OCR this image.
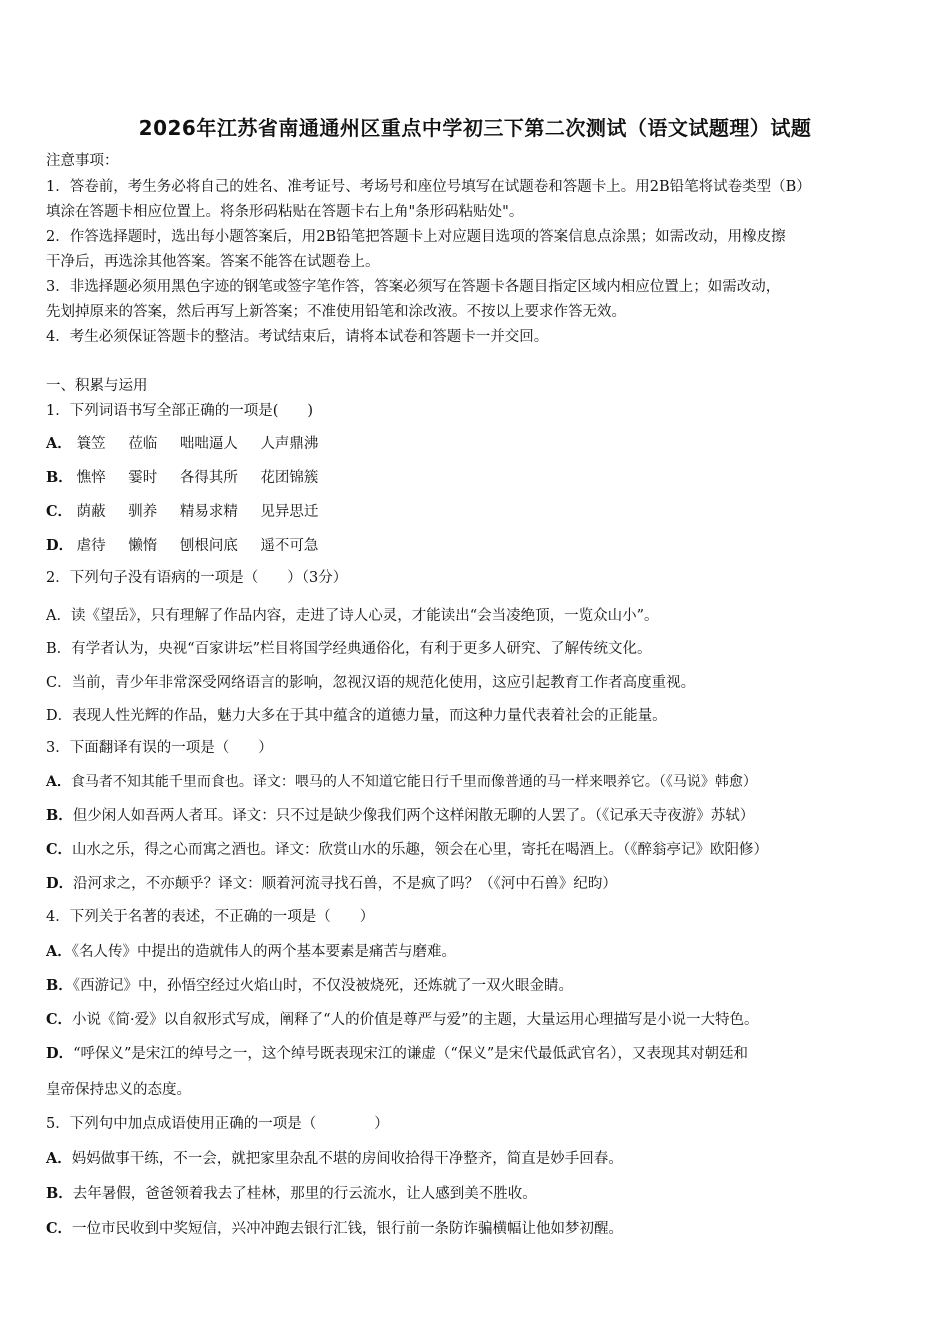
2026年江苏省南通通州区重点中学初三下第二次测试（语文试题理）试题
注意事项：
1．答卷前，考生务必将自己的姓名、准考证号、考场号和座位号填写在试题卷和答题卡上。用2B铅笔将试卷类型（B）
填涂在答题卡相应位置上。将条形码粘贴在答题卡右上角"条形码粘贴处"。
2．作答选择题时，选出每小题答案后，用2B铅笔把答题卡上对应题目选项的答案信息点涂黑；如需改动，用橡皮擦
干净后，再选涂其他答案。答案不能答在试题卷上。
3．非选择题必须用黑色字迹的钢笔或签字笔作答，答案必须写在答题卡各题目指定区域内相应位置上；如需改动，
先划掉原来的答案，然后再写上新答案；不准使用铅笔和涂改液。不按以上要求作答无效。
4．考生必须保证答题卡的整洁。考试结束后，请将本试卷和答题卡一并交回。
一、积累与运用
1．下列词语书写全部正确的一项是(　　)
A． 簑笠 莅临 咄咄逼人 人声鼎沸
B． 憔悴 霎时 各得其所 花团锦簇
C． 荫蔽 驯养 精易求精 见异思迁
D． 虐待 懒惰 刨根问底 遥不可急
2．下列句子没有语病的一项是（　　）（3分）
A．读《望岳》，只有理解了作品内容，走进了诗人心灵，才能读出“会当凌绝顶，一览众山小”。
B．有学者认为，央视“百家讲坛”栏目将国学经典通俗化，有利于更多人研究、了解传统文化。
C．当前，青少年非常深受网络语言的影响，忽视汉语的规范化使用，这应引起教育工作者高度重视。
D．表现人性光辉的作品，魅力大多在于其中蕴含的道德力量，而这种力量代表着社会的正能量。
3．下面翻译有误的一项是（　　）
A．食马者不知其能千里而食也。译文：喂马的人不知道它能日行千里而像普通的马一样来喂养它。（《马说》韩愈）
B．但少闲人如吾两人者耳。译文：只不过是缺少像我们两个这样闲散无聊的人罢了。（《记承天寺夜游》苏轼）
C．山水之乐，得之心而寓之酒也。译文：欣赏山水的乐趣，领会在心里，寄托在喝酒上。（《醉翁亭记》欧阳修）
D．沿河求之，不亦颠乎？译文：顺着河流寻找石兽，不是疯了吗？（《河中石兽》纪昀）
4．下列关于名著的表述，不正确的一项是（　　）
A．《名人传》中提出的造就伟人的两个基本要素是痛苦与磨难。
B．《西游记》中，孙悟空经过火焰山时，不仅没被烧死，还炼就了一双火眼金睛。
C．小说《简·爱》以自叙形式写成，阐释了“人的价值是尊严与爱”的主题，大量运用心理描写是小说一大特色。
D．“呼保义”是宋江的绰号之一，这个绰号既表现宋江的谦虚（“保义”是宋代最低武官名），又表现其对朝廷和
皇帝保持忠义的态度。
5．下列句中加点成语使用正确的一项是（　　　　）
A．妈妈做事干练，不一会，就把家里杂乱不堪的房间收拾得干净整齐，简直是妙手回春。
B．去年暑假，爸爸领着我去了桂林，那里的行云流水，让人感到美不胜收。
C．一位市民收到中奖短信，兴冲冲跑去银行汇钱，银行前一条防诈骗横幅让他如梦初醒。
